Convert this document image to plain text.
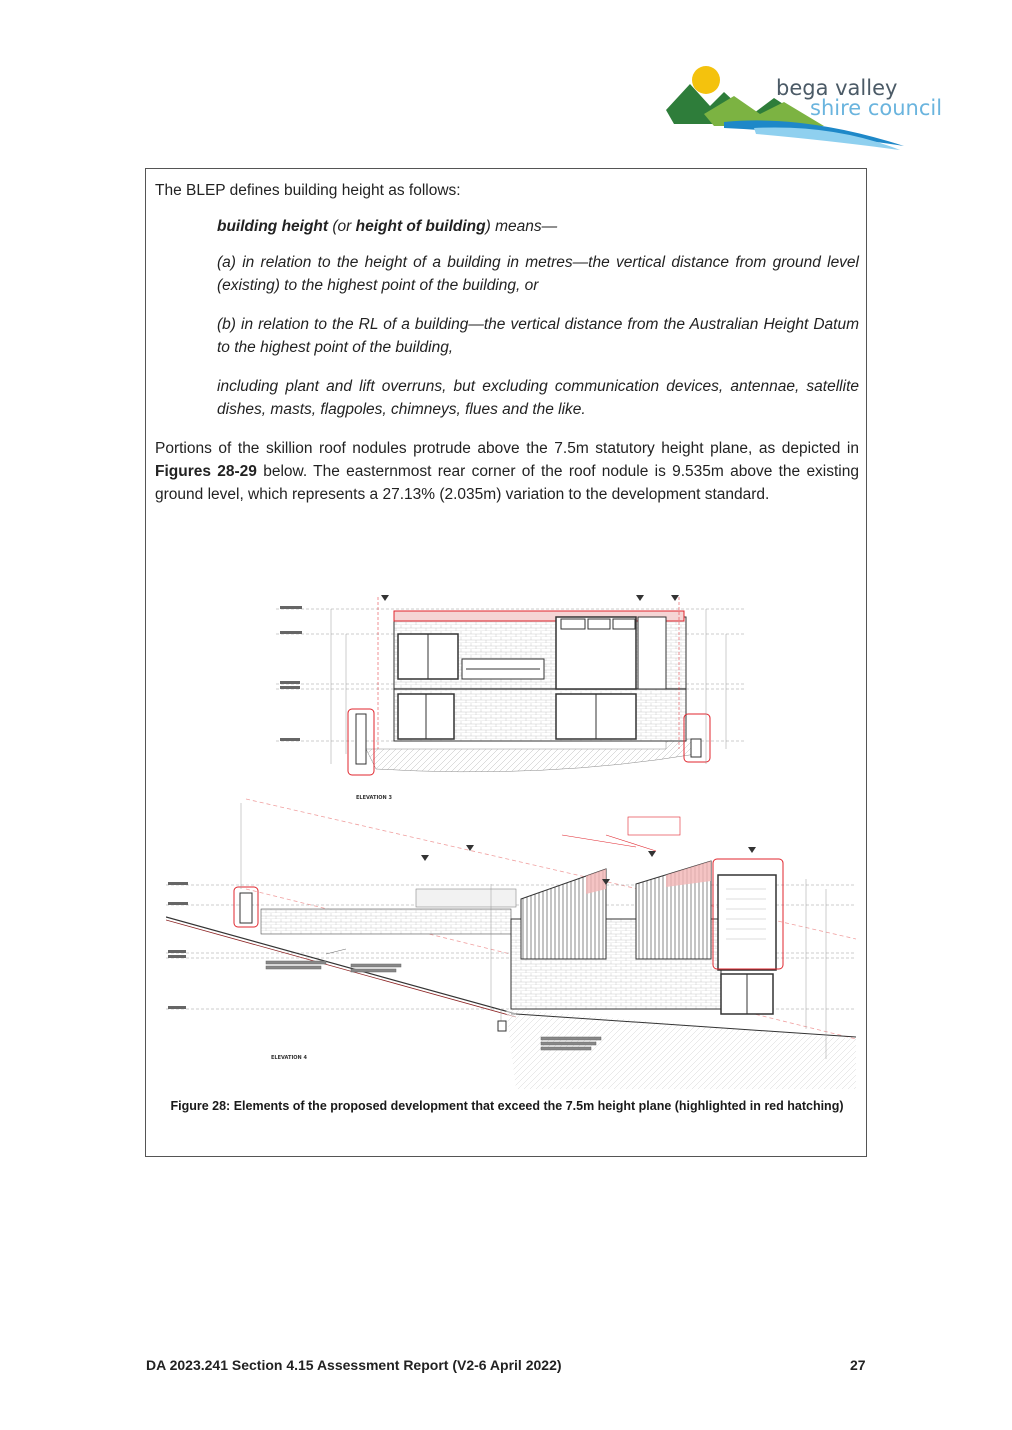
bega valley
shire council
The BLEP defines building height as follows:
building height (or height of building) means—
(a) in relation to the height of a building in metres—the vertical distance from ground level (existing) to the highest point of the building, or
(b) in relation to the RL of a building—the vertical distance from the Australian Height Datum to the highest point of the building,
including plant and lift overruns, but excluding communication devices, antennae, satellite dishes, masts, flagpoles, chimneys, flues and the like.
Portions of the skillion roof nodules protrude above the 7.5m statutory height plane, as depicted in Figures 28-29 below. The easternmost rear corner of the roof nodule is 9.535m above the existing ground level, which represents a 27.13% (2.035m) variation to the development standard.
ELEVATION 3
ELEVATION 4
Figure 28: Elements of the proposed development that exceed the 7.5m height plane (highlighted in red hatching)
DA 2023.241 Section 4.15 Assessment Report (V2-6 April 2022)	27
